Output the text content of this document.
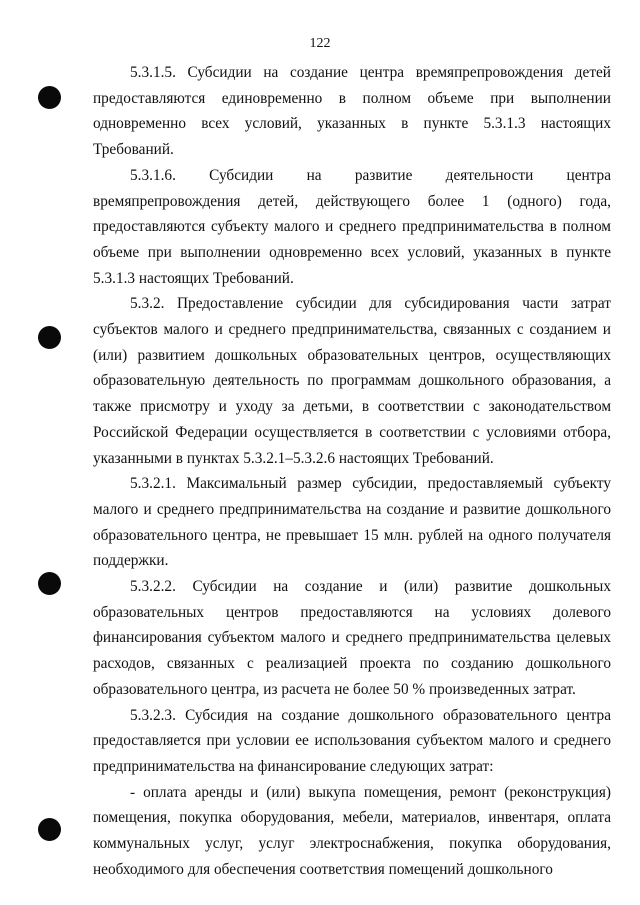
122

5.3.1.5. Субсидии на создание центра времяпрепровождения детей предоставляются единовременно в полном объеме при выполнении одновременно всех условий, указанных в пункте 5.3.1.3 настоящих Требований.

5.3.1.6. Субсидии на развитие деятельности центра времяпрепровождения детей, действующего более 1 (одного) года, предоставляются субъекту малого и среднего предпринимательства в полном объеме при выполнении одновременно всех условий, указанных в пункте 5.3.1.3 настоящих Требований.

5.3.2. Предоставление субсидии для субсидирования части затрат субъектов малого и среднего предпринимательства, связанных с созданием и (или) развитием дошкольных образовательных центров, осуществляющих образовательную деятельность по программам дошкольного образования, а также присмотру и уходу за детьми, в соответствии с законодательством Российской Федерации осуществляется в соответствии с условиями отбора, указанными в пунктах 5.3.2.1–5.3.2.6 настоящих Требований.

5.3.2.1. Максимальный размер субсидии, предоставляемый субъекту малого и среднего предпринимательства на создание и развитие дошкольного образовательного центра, не превышает 15 млн. рублей на одного получателя поддержки.

5.3.2.2. Субсидии на создание и (или) развитие дошкольных образовательных центров предоставляются на условиях долевого финансирования субъектом малого и среднего предпринимательства целевых расходов, связанных с реализацией проекта по созданию дошкольного образовательного центра, из расчета не более 50 % произведенных затрат.

5.3.2.3. Субсидия на создание дошкольного образовательного центра предоставляется при условии ее использования субъектом малого и среднего предпринимательства на финансирование следующих затрат:

- оплата аренды и (или) выкупа помещения, ремонт (реконструкция) помещения, покупка оборудования, мебели, материалов, инвентаря, оплата коммунальных услуг, услуг электроснабжения, покупка оборудования, необходимого для обеспечения соответствия помещений дошкольного
